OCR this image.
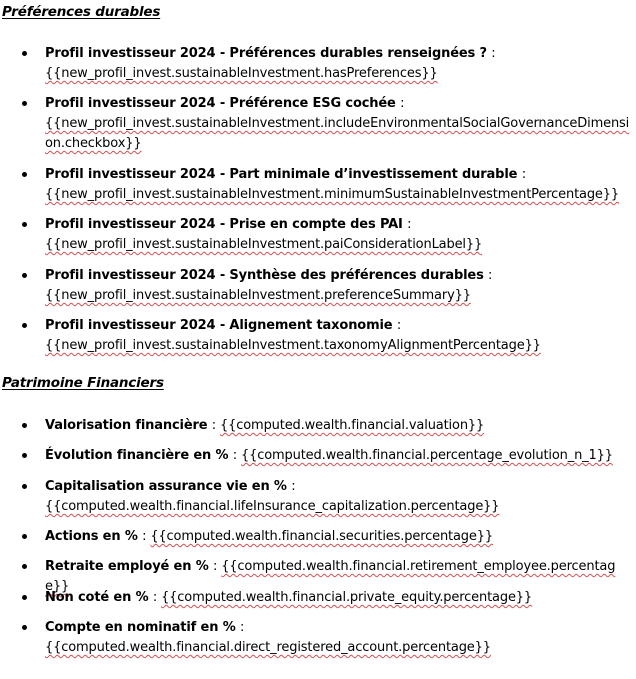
Préférences durables
Profil investisseur 2024 - Préférences durables renseignées ? :
{{new_profil_invest.sustainableInvestment.hasPreferences}}
Profil investisseur 2024 - Préférence ESG cochée :
{{new_profil_invest.sustainableInvestment.includeEnvironmentalSocialGovernanceDimension.checkbox}}
Profil investisseur 2024 - Part minimale d’investissement durable :
{{new_profil_invest.sustainableInvestment.minimumSustainableInvestmentPercentage}}
Profil investisseur 2024 - Prise en compte des PAI :
{{new_profil_invest.sustainableInvestment.paiConsiderationLabel}}
Profil investisseur 2024 - Synthèse des préférences durables :
{{new_profil_invest.sustainableInvestment.preferenceSummary}}
Profil investisseur 2024 - Alignement taxonomie :
{{new_profil_invest.sustainableInvestment.taxonomyAlignmentPercentage}}
Patrimoine Financiers
Valorisation financière : {{computed.wealth.financial.valuation}}
Évolution financière en % : {{computed.wealth.financial.percentage_evolution_n_1}}
Capitalisation assurance vie en % :
{{computed.wealth.financial.lifeInsurance_capitalization.percentage}}
Actions en % : {{computed.wealth.financial.securities.percentage}}
Retraite employé en % : {{computed.wealth.financial.retirement_employee.percentage}}
Non coté en % : {{computed.wealth.financial.private_equity.percentage}}
Compte en nominatif en % :
{{computed.wealth.financial.direct_registered_account.percentage}}
